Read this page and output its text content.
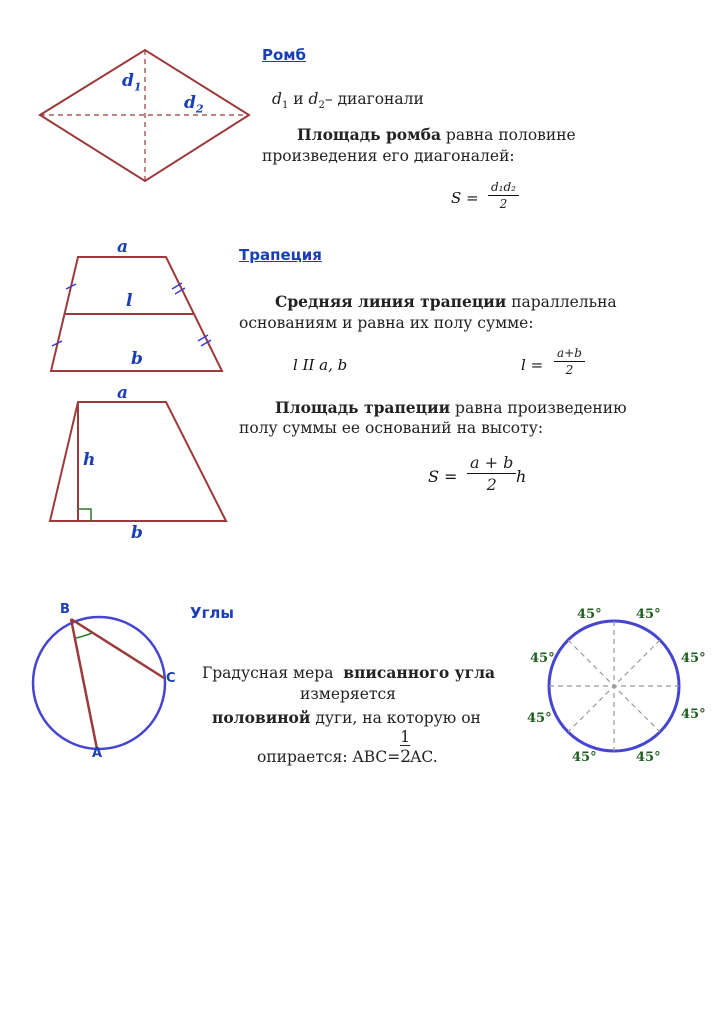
Ромб
$d_1$
$d_2$
$d_1$ и $d_2-$ диагонали
Площадь ромба равна половине
произведения его диагоналей:
$S = \frac{\text{d₁d₂}}{2}$
Трапеция
a
l
b
Средняя линия трапеции параллельна
основаниям и равна их полу сумме:
l II a, b	$l = \frac{a+b}{2}$
a
h
b
Площадь трапеции равна произведению
полу суммы ее оснований на высоту:
$S = \frac{a + b}{2}$ h
Углы
B
C
A
Градусная мера  вписанного угла
измеряется
половиной дуги, на которую он
опирается: $ABC= \frac{1}{2}$ AC.
45°	45°
45°	45°
45°	45°
45°	45°
